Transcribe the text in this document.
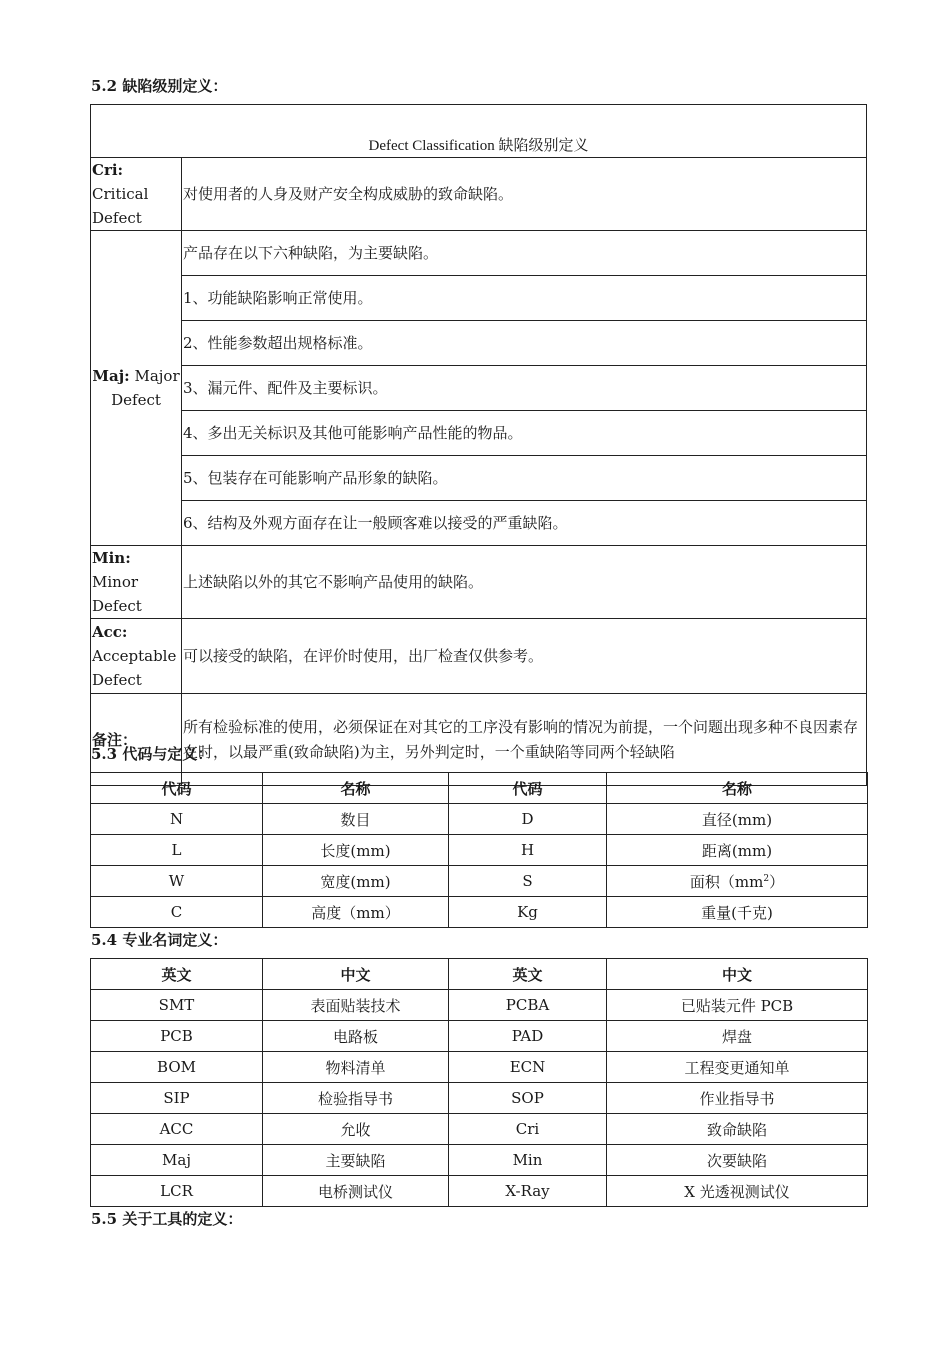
5.2 缺陷级别定义：

Defect Classification 缺陷级别定义	

Cri: Critical Defect	对使用者的人身及财产安全构成威胁的致命缺陷。
Maj: Major Defect	产品存在以下六种缺陷，为主要缺陷。
	1、功能缺陷影响正常使用。
	2、性能参数超出规格标准。
	3、漏元件、配件及主要标识。
	4、多出无关标识及其他可能影响产品性能的物品。
	5、包装存在可能影响产品形象的缺陷。
	6、结构及外观方面存在让一般顾客难以接受的严重缺陷。

Min: Minor Defect	上述缺陷以外的其它不影响产品使用的缺陷。

Acc:
Acceptable Defect	可以接受的缺陷，在评价时使用，出厂检查仅供参考。
备注：	所有检验标准的使用，必须保证在对其它的工序没有影响的情况为前提，一个问题出现多种不良因素存在时，以最严重(致命缺陷)为主，另外判定时，一个重缺陷等同两个轻缺陷

5.3 代码与定义：

代码	名称	代码	名称
N	数目	D	直径(mm)
L	长度(mm)	H	距离(mm)
W	宽度(mm)	S	面积$(mm^2)$
C	高度（mm）	Kg	重量(千克)

5.4 专业名词定义：

英文	中文	英文	中文
SMT	表面贴装技术	PCBA	已贴装元件 PCB
PCB	电路板	PAD	焊盘
BOM	物料清单	ECN	工程变更通知单
SIP	检验指导书	SOP	作业指导书
ACC	允收	Cri	致命缺陷
Maj	主要缺陷	Min	次要缺陷
LCR	电桥测试仪	X-Ray	X 光透视测试仪

5.5 关于工具的定义：
